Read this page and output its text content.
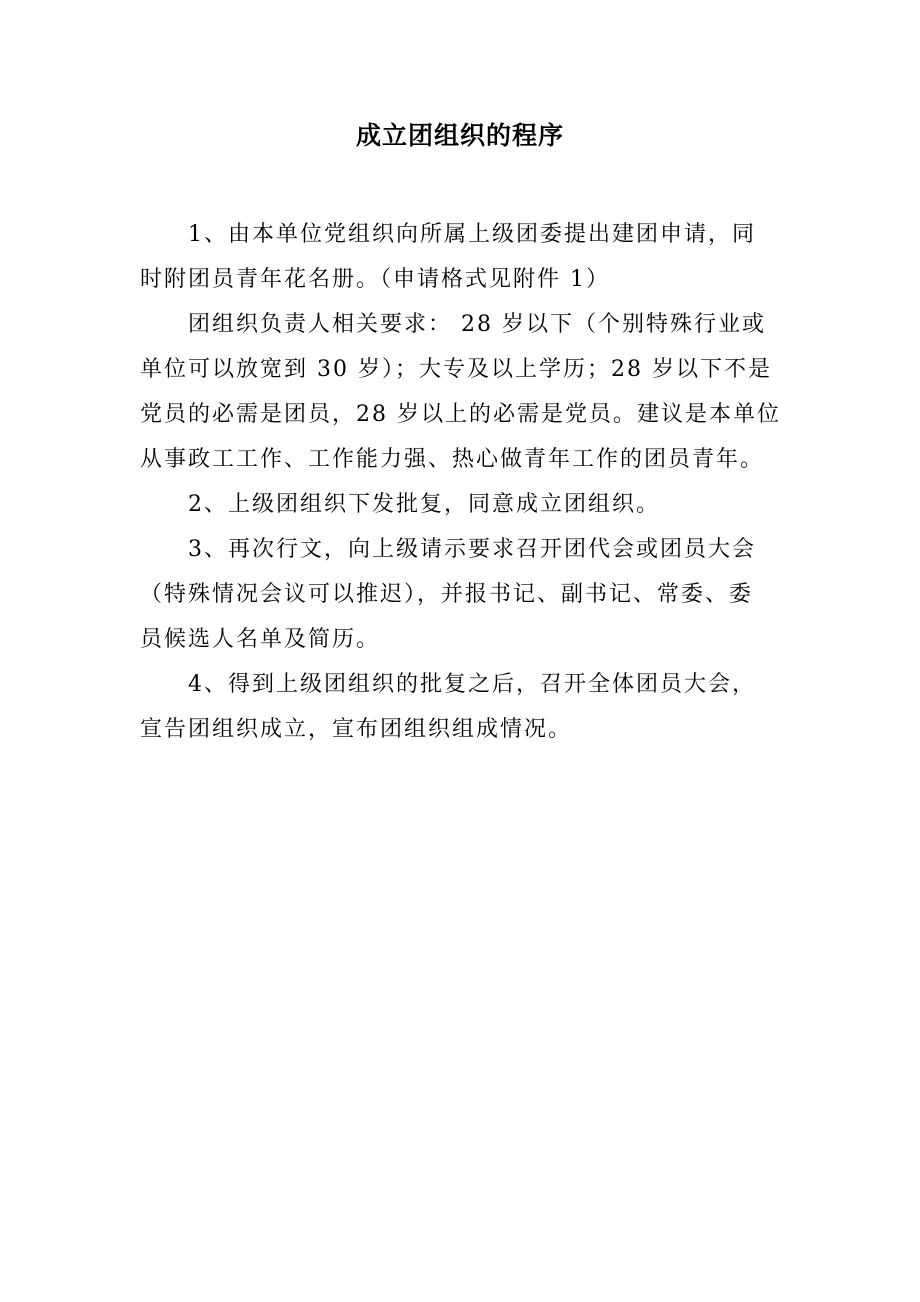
成立团组织的程序

1、由本单位党组织向所属上级团委提出建团申请，同
时附团员青年花名册。（申请格式见附件 1）

团组织负责人相关要求： 28 岁以下（个别特殊行业或
单位可以放宽到 30 岁）；大专及以上学历；28 岁以下不是
党员的必需是团员，28 岁以上的必需是党员。建议是本单位
从事政工工作、工作能力强、热心做青年工作的团员青年。

2、上级团组织下发批复，同意成立团组织。

3、再次行文，向上级请示要求召开团代会或团员大会
（特殊情况会议可以推迟），并报书记、副书记、常委、委
员候选人名单及简历。

4、得到上级团组织的批复之后，召开全体团员大会，
宣告团组织成立，宣布团组织组成情况。
